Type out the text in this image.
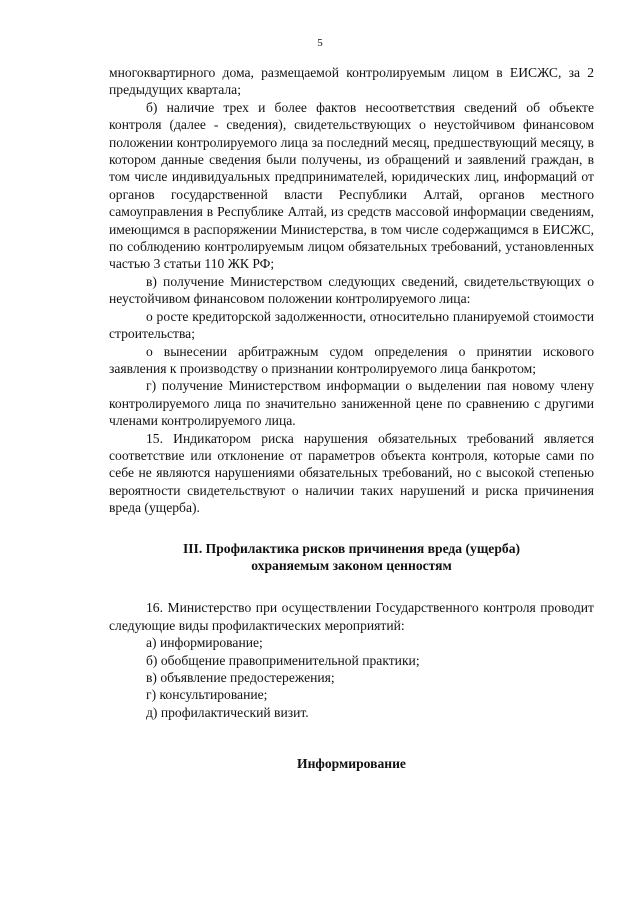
5

многоквартирного дома, размещаемой контролируемым лицом в ЕИСЖС, за 2 предыдущих квартала;

б) наличие трех и более фактов несоответствия сведений об объекте контроля (далее - сведения), свидетельствующих о неустойчивом финансовом положении контролируемого лица за последний месяц, предшествующий месяцу, в котором данные сведения были получены, из обращений и заявлений граждан, в том числе индивидуальных предпринимателей, юридических лиц, информаций от органов государственной власти Республики Алтай, органов местного самоуправления в Республике Алтай, из средств массовой информации сведениям, имеющимся в распоряжении Министерства, в том числе содержащимся в ЕИСЖС, по соблюдению контролируемым лицом обязательных требований, установленных частью 3 статьи 110 ЖК РФ;

в) получение Министерством следующих сведений, свидетельствующих о неустойчивом финансовом положении контролируемого лица:

о росте кредиторской задолженности, относительно планируемой стоимости строительства;

о вынесении арбитражным судом определения о принятии искового заявления к производству о признании контролируемого лица банкротом;

г) получение Министерством информации о выделении пая новому члену контролируемого лица по значительно заниженной цене по сравнению с другими членами контролируемого лица.

15. Индикатором риска нарушения обязательных требований является соответствие или отклонение от параметров объекта контроля, которые сами по себе не являются нарушениями обязательных требований, но с высокой степенью вероятности свидетельствуют о наличии таких нарушений и риска причинения вреда (ущерба).

III. Профилактика рисков причинения вреда (ущерба)

охраняемым законом ценностям

16. Министерство при осуществлении Государственного контроля проводит следующие виды профилактических мероприятий:

а) информирование;

б) обобщение правоприменительной практики;

в) объявление предостережения;

г) консультирование;

д) профилактический визит.

Информирование
